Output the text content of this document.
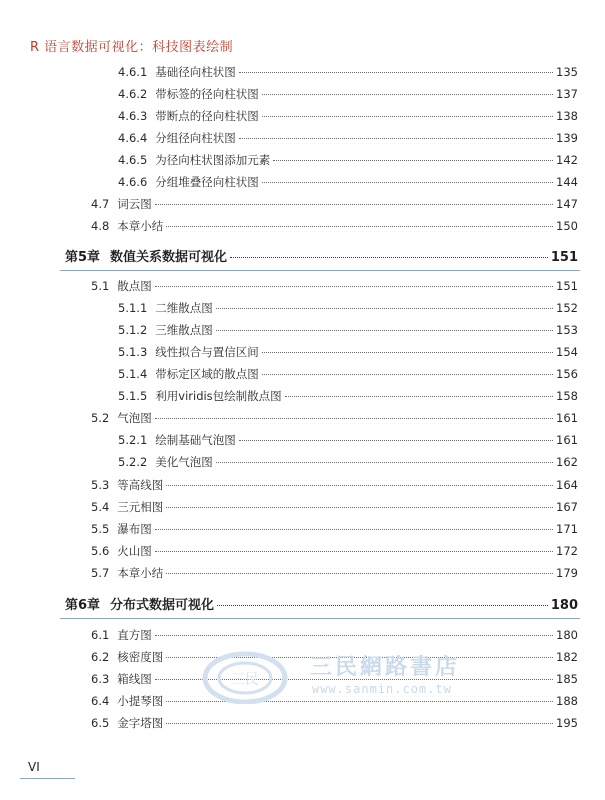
R 语言数据可视化：科技图表绘制
4.6.1 基础径向柱状图	135
4.6.2 带标签的径向柱状图	137
4.6.3 带断点的径向柱状图	138
4.6.4 分组径向柱状图	139
4.6.5 为径向柱状图添加元素	142
4.6.6 分组堆叠径向柱状图	144
4.7 词云图	147
4.8 本章小结	150
第5章 数值关系数据可视化	151
5.1 散点图	151
5.1.1 二维散点图	152
5.1.2 三维散点图	153
5.1.3 线性拟合与置信区间	154
5.1.4 带标定区域的散点图	156
5.1.5 利用viridis包绘制散点图	158
5.2 气泡图	161
5.2.1 绘制基础气泡图	161
5.2.2 美化气泡图	162
5.3 等高线图	164
5.4 三元相图	167
5.5 瀑布图	171
5.6 火山图	172
5.7 本章小结	179
第6章 分布式数据可视化	180
6.1 直方图	180
6.2 核密度图	182
6.3 箱线图	185
6.4 小提琴图	188
6.5 金字塔图	195
三民 三民網路書店
www.sanmin.com.tw
VI
